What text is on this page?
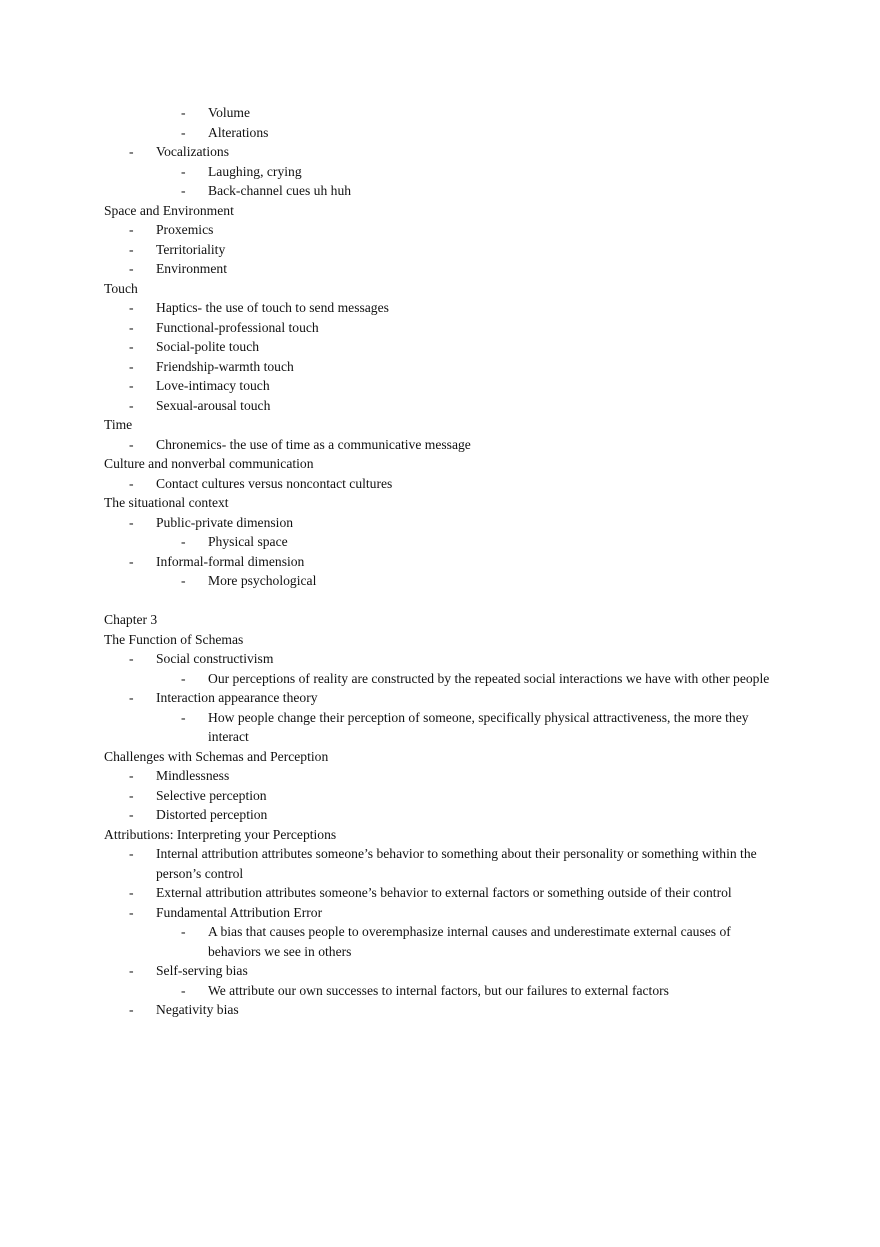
- Volume
- Alterations
- Vocalizations
- Laughing, crying
- Back-channel cues uh huh
Space and Environment
- Proxemics
- Territoriality
- Environment
Touch
- Haptics- the use of touch to send messages
- Functional-professional touch
- Social-polite touch
- Friendship-warmth touch
- Love-intimacy touch
- Sexual-arousal touch
Time
- Chronemics- the use of time as a communicative message
Culture and nonverbal communication
- Contact cultures versus noncontact cultures
The situational context
- Public-private dimension
- Physical space
- Informal-formal dimension
- More psychological
Chapter 3
The Function of Schemas
- Social constructivism
- Our perceptions of reality are constructed by the repeated social interactions we have with other people
- Interaction appearance theory
- How people change their perception of someone, specifically physical attractiveness, the more they interact
Challenges with Schemas and Perception
- Mindlessness
- Selective perception
- Distorted perception
Attributions: Interpreting your Perceptions
- Internal attribution attributes someone’s behavior to something about their personality or something within the person’s control
- External attribution attributes someone’s behavior to external factors or something outside of their control
- Fundamental Attribution Error
- A bias that causes people to overemphasize internal causes and underestimate external causes of behaviors we see in others
- Self-serving bias
- We attribute our own successes to internal factors, but our failures to external factors
- Negativity bias
